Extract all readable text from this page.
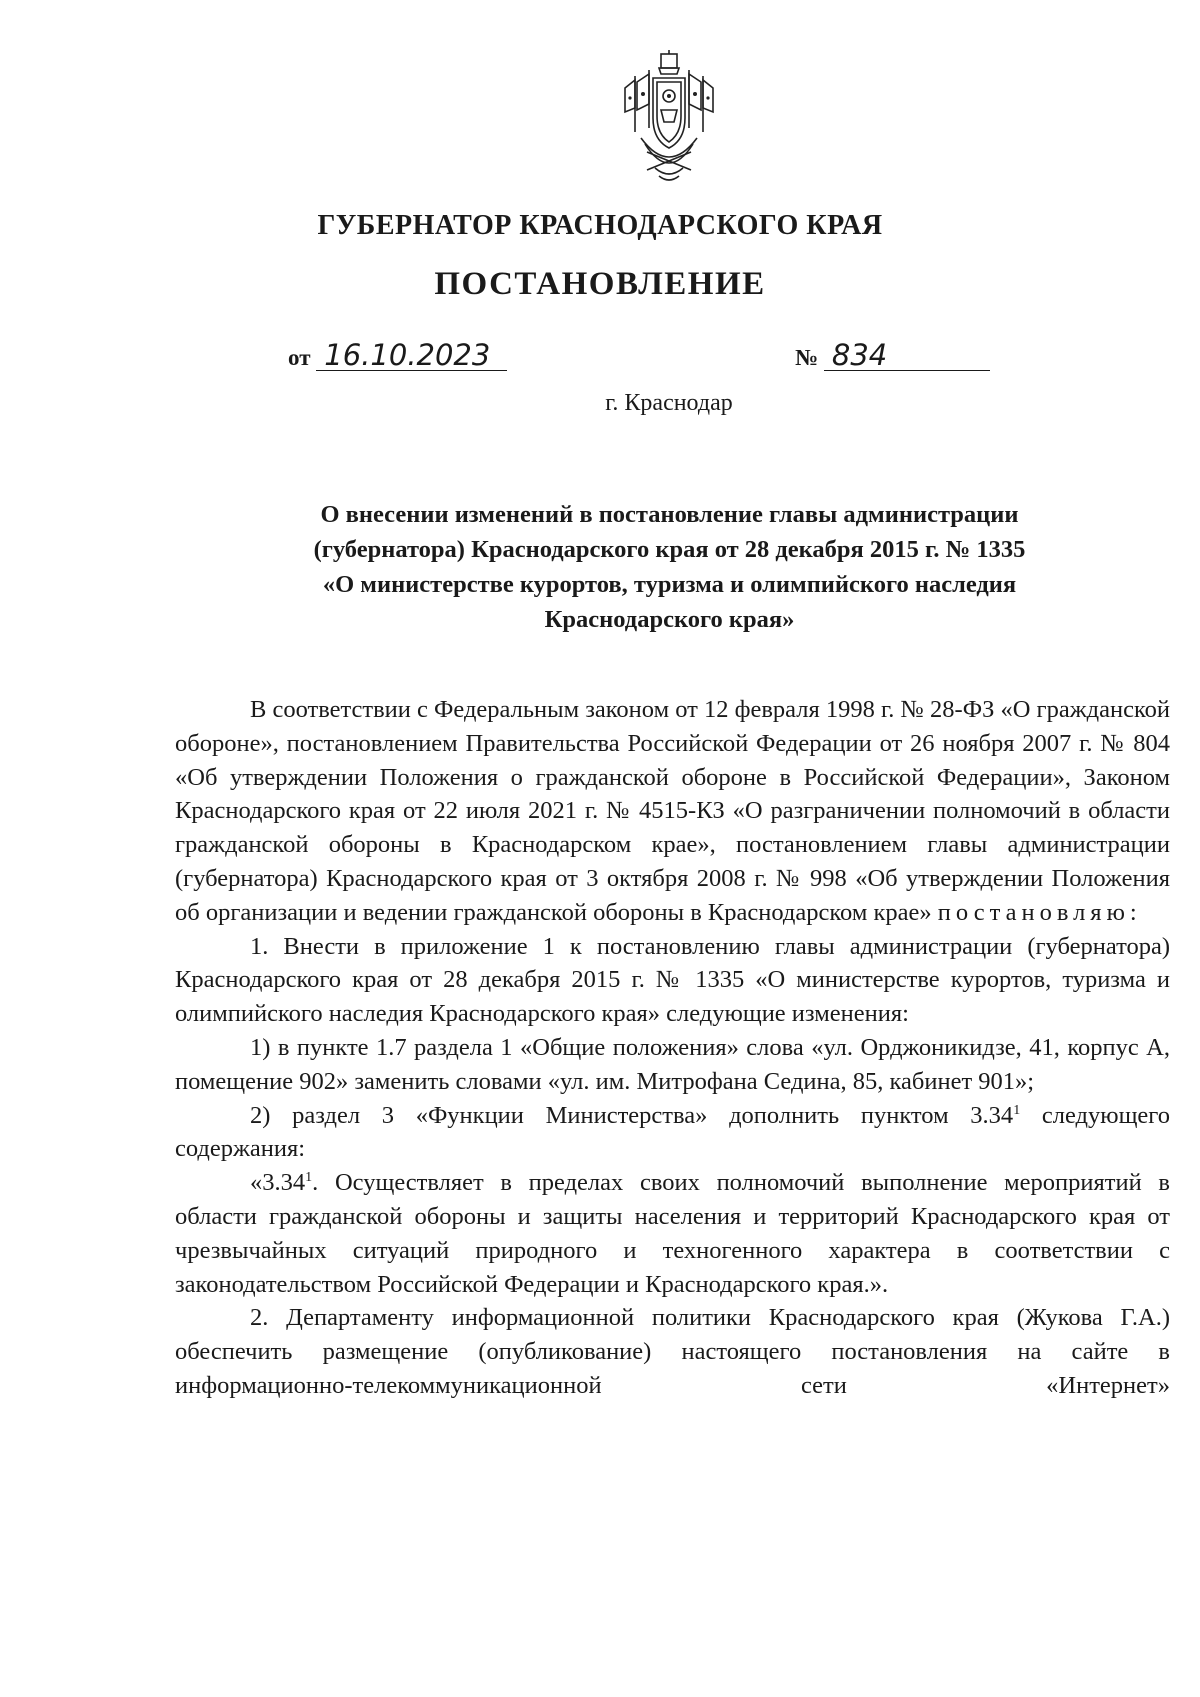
ГУБЕРНАТОР КРАСНОДАРСКОГО КРАЯ
ПОСТАНОВЛЕНИЕ
от 16.10.2023	№ 834
г. Краснодар
О внесении изменений в постановление главы администрации
(губернатора) Краснодарского края от 28 декабря 2015 г. № 1335
«О министерстве курортов, туризма и олимпийского наследия
Краснодарского края»

В соответствии с Федеральным законом от 12 февраля 1998 г. № 28-ФЗ «О гражданской обороне», постановлением Правительства Российской Федерации от 26 ноября 2007 г. № 804 «Об утверждении Положения о гражданской обороне в Российской Федерации», Законом Краснодарского края от 22 июля 2021 г. № 4515-КЗ «О разграничении полномочий в области гражданской обороны в Краснодарском крае», постановлением главы администрации (губернатора) Краснодарского края от 3 октября 2008 г. № 998 «Об утверждении Положения об организации и ведении гражданской обороны в Краснодарском крае» постановляю:

1. Внести в приложение 1 к постановлению главы администрации (губернатора) Краснодарского края от 28 декабря 2015 г. № 1335 «О министерстве курортов, туризма и олимпийского наследия Краснодарского края» следующие изменения:

1) в пункте 1.7 раздела 1 «Общие положения» слова «ул. Орджоникидзе, 41, корпус А, помещение 902» заменить словами «ул. им. Митрофана Седина, 85, кабинет 901»;

2) раздел 3 «Функции Министерства» дополнить пунктом 3.34$^1$ следующего содержания:

«3.34$^1$. Осуществляет в пределах своих полномочий выполнение мероприятий в области гражданской обороны и защиты населения и территорий Краснодарского края от чрезвычайных ситуаций природного и техногенного характера в соответствии с законодательством Российской Федерации и Краснодарского края.».

2. Департаменту информационной политики Краснодарского края (Жукова Г.А.) обеспечить размещение (опубликование) настоящего постановления на сайте в информационно-телекоммуникационной сети «Интернет»
